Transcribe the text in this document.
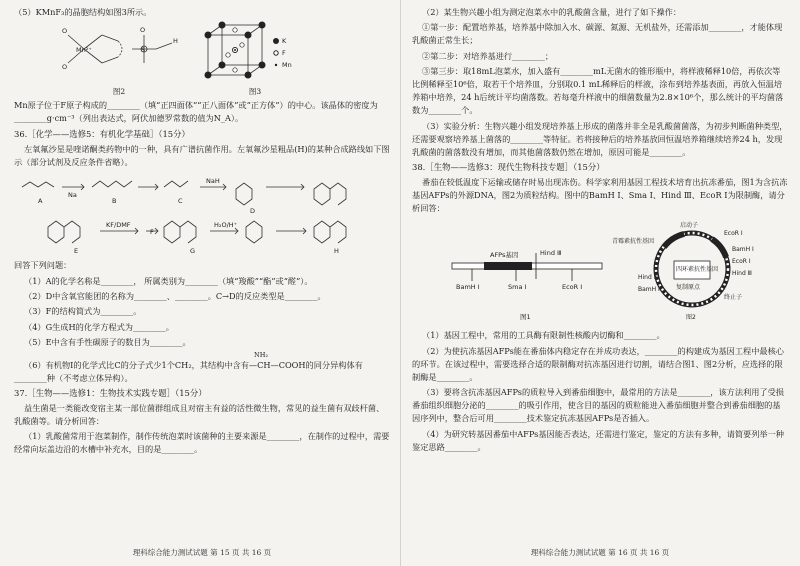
（5）KMnF₃的晶胞结构如图3所示。

Mn²⁺
O
O
O
S
H
图2
K
F
Mn
图3

Mn原子位于F原子构成的________（填“正四面体”“正八面体”或“正方体”）的中心。该晶体的密度为________g·cm⁻³（列出表达式，阿伏加德罗常数的值为N_A）。

36.［化学——选修5：有机化学基础］（15分）

左氧氟沙星是喹诺酮类药物中的一种，具有广谱抗菌作用。左氧氟沙星粗品(H)的某种合成路线如下图示（部分试剂及反应条件省略）。

A	B	C
D
E
F
G	H
Na
KF/DMF	H₂O/H⁺
NaH

回答下列问题：

（1）A的化学名称是________， 所属类别为________（填“羧酸”“酯”或“醛”）。

（2）D中含氧官能团的名称为________、________。C→D的反应类型是________。

（3）F的结构简式为________。

（4）G生成H的化学方程式为________。

（5）E中含有手性碳原子的数目为________。

NH₂

（6）有机物I的化学式比C的分子式少1个CH₂，其结构中含有—CH—COOH的同分异构体有________种（不考虑立体异构）。

37.［生物——选修1：生物技术实践专题］（15分）

益生菌是一类能改变宿主某一部位菌群组成且对宿主有益的活性微生物，常见的益生菌有双歧杆菌、乳酸菌等。请分析回答：

（1）乳酸菌常用于泡菜制作，制作传统泡菜时该菌种的主要来源是________，在制作的过程中，需要经常向坛盖边沿的水槽中补充水，目的是________。

理科综合能力测试试题 第 15 页 共 16 页

（2）某生物兴趣小组为测定泡菜水中的乳酸菌含量，进行了如下操作：

①第一步：配置培养基，培养基中除加入水、碳源、氮源、无机盐外，还需添加________，才能体现乳酸菌正常生长；

②第二步：对培养基进行________；

③第三步：取18mL泡菜水，加入盛有________mL无菌水的锥形瓶中，将样液稀释10倍，再依次等比例稀释至10⁶倍，取若干个培养皿，分别取0.1 mL稀释后的样液，涂布到培养基表面，再放入恒温培养箱中培养，24 h后统计平均菌落数。若每毫升样液中的细菌数量为2.8×10⁶个，那么统计的平均菌落数为________个。

（3）实验分析：生物兴趣小组发现培养基上形成的菌落并非全是乳酸菌菌落，为初步判断菌种类型，还需要观察培养基上菌落的________等特征。若将接种后的培养基放回恒温培养箱继续培养24 h，发现乳酸菌的菌落数没有增加，而其他菌落数仍然在增加，原因可能是________。

38.［生物——选修3：现代生物科技专题］（15分）

番茄在较低温度下运输或储存时易出现冻伤。科学家利用基因工程技术培育出抗冻番茄，图1为含抗冻基因AFPs的外源DNA，图2为质粒结构。图中的BamH Ⅰ、Sma Ⅰ、Hind Ⅲ、EcoR Ⅰ为限制酶，请分析回答：

AFPs基因	Hind Ⅲ
BamH Ⅰ	Sma Ⅰ	EcoR Ⅰ
图1
启动子
青霉素抗性基因
EcoR Ⅰ
BamH Ⅰ
四环素抗性基因
EcoR Ⅰ
Hind Ⅲ
Hind Ⅲ
BamH Ⅰ	复制原点
终止子
图2

（1）基因工程中，常用的工具酶有限制性核酸内切酶和________。

（2）为使抗冻基因AFPs能在番茄体内稳定存在并成功表达，________的构建成为基因工程中最核心的环节。在该过程中，需要选择合适的限制酶对抗冻基因进行切割，请结合图1、图2分析，应选择的限制酶是________。

（3）要将含抗冻基因AFPs的质粒导入到番茄细胞中，最常用的方法是________，该方法利用了受损番茄组织细胞分泌的________的吸引作用，使含目的基因的质粒能进入番茄细胞并整合到番茄细胞的基因序列中，整合后可用________技术鉴定抗冻基因AFPs是否插入。

（4）为研究转基因番茄中AFPs基因能否表达，还需进行鉴定，鉴定的方法有多种，请简要列举一种鉴定思路________。

理科综合能力测试试题 第 16 页 共 16 页
